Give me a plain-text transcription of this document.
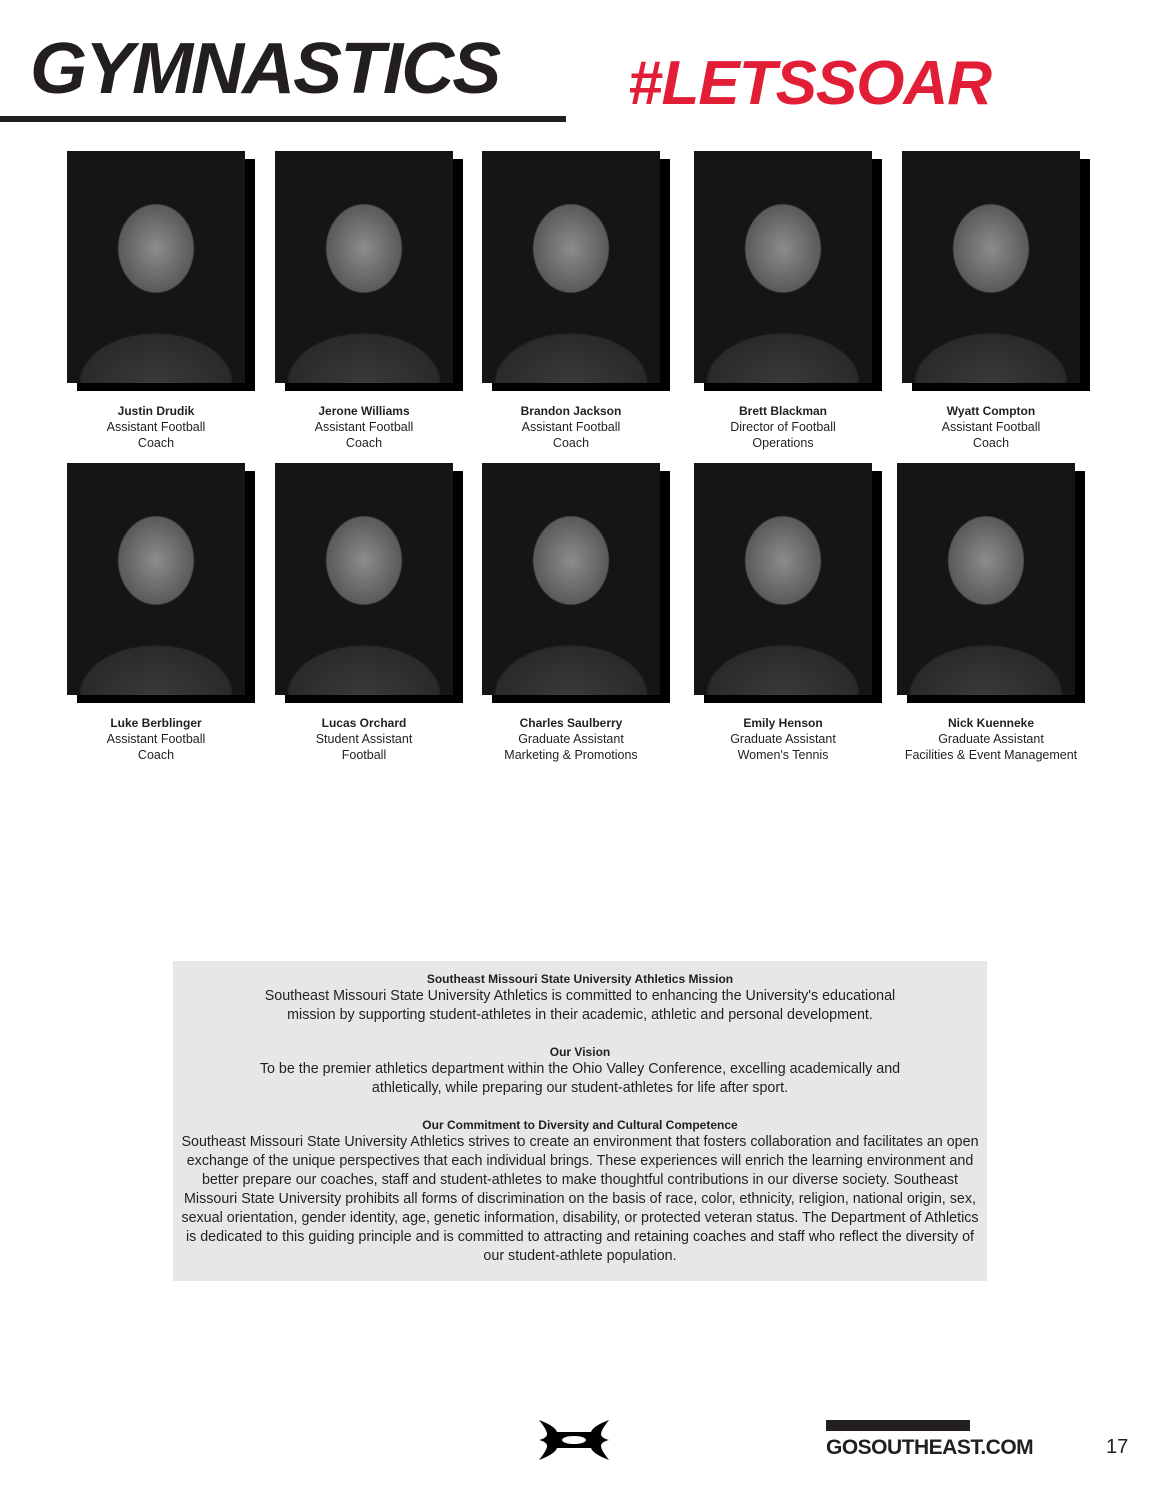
GYMNASTICS #LETSSOAR
Justin Drudik
Assistant Football
Coach
Jerone Williams
Assistant Football
Coach
Brandon Jackson
Assistant Football
Coach
Brett Blackman
Director of Football
Operations
Wyatt Compton
Assistant Football
Coach
Luke Berblinger
Assistant Football
Coach
Lucas Orchard
Student Assistant
Football
Charles Saulberry
Graduate Assistant
Marketing & Promotions
Emily Henson
Graduate Assistant
Women's Tennis
Nick Kuenneke
Graduate Assistant
Facilities & Event Management
Southeast Missouri State University Athletics Mission

Southeast Missouri State University Athletics is committed to enhancing the University's educational mission by supporting student-athletes in their academic, athletic and personal development.

Our Vision

To be the premier athletics department within the Ohio Valley Conference, excelling academically and athletically, while preparing our student-athletes for life after sport.

Our Commitment to Diversity and Cultural Competence

Southeast Missouri State University Athletics strives to create an environment that fosters collaboration and facilitates an open exchange of the unique perspectives that each individual brings. These experiences will enrich the learning environment and better prepare our coaches, staff and student-athletes to make thoughtful contributions in our diverse society. Southeast Missouri State University prohibits all forms of discrimination on the basis of race, color, ethnicity, religion, national origin, sex, sexual orientation, gender identity, age, genetic information, disability, or protected veteran status. The Department of Athletics is dedicated to this guiding principle and is committed to attracting and retaining coaches and staff who reflect the diversity of our student-athlete population.

GOSOUTHEAST.COM	17
